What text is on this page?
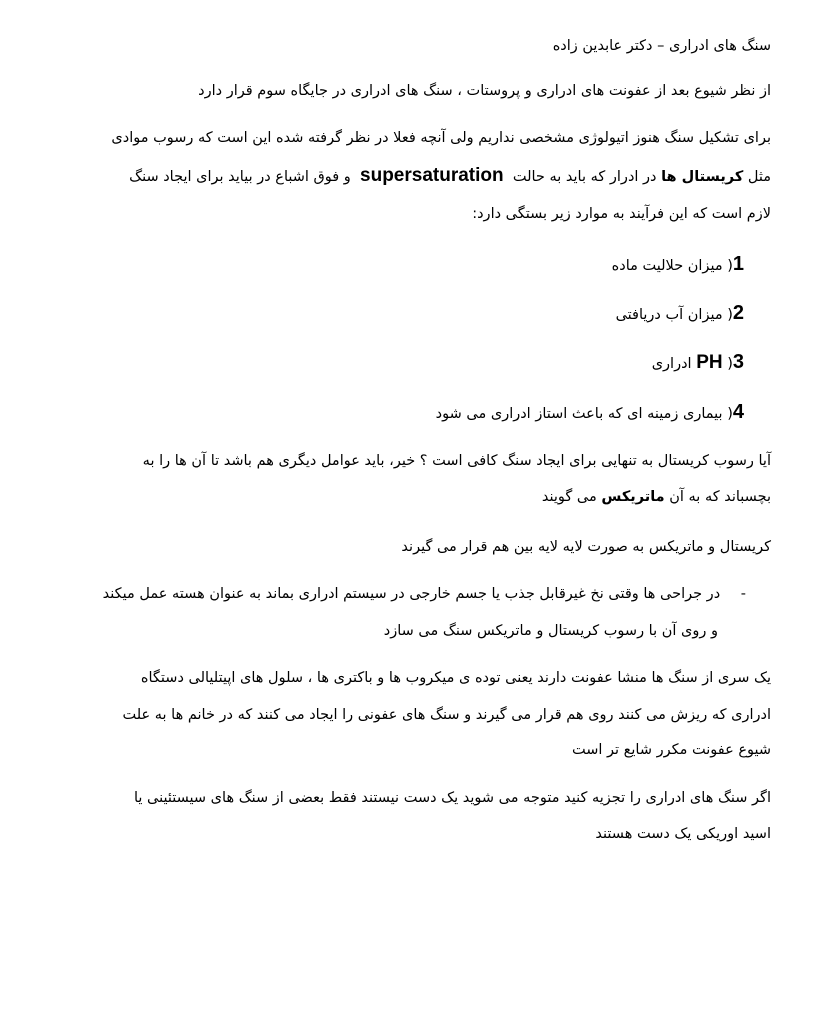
سنگ های ادراری – دکتر عابدین زاده
از نظر شیوع بعد از عفونت های ادراری و پروستات ، سنگ های ادراری در جایگاه سوم قرار دارد
برای تشکیل سنگ هنوز اتیولوژی مشخصی نداریم ولی آنچه فعلا در نظر گرفته شده این است که رسوب موادی
مثل کریستال ها در ادرار که باید به حالت  supersaturation  و فوق اشباع در بیاید برای ایجاد سنگ
لازم است که این فرآیند به موارد زیر بستگی دارد:
1( میزان حلالیت ماده
2( میزان آب دریافتی
3( PH ادراری
4( بیماری زمینه ای که باعث استاز ادراری می شود
آیا رسوب کریستال به تنهایی برای ایجاد سنگ کافی است ؟ خیر، باید عوامل دیگری هم باشد تا آن ها را به
بچسباند که به آن ماتریکس می گویند
کریستال و ماتریکس به صورت لایه لایه بین هم قرار می گیرند
- در جراحی ها وقتی نخ غیرقابل جذب یا جسم خارجی در سیستم ادراری بماند به عنوان هسته عمل میکند
و روی آن با رسوب کریستال و ماتریکس سنگ می سازد
یک سری از سنگ ها منشا عفونت دارند یعنی توده ی میکروب ها و باکتری ها ، سلول های اپیتلیالی دستگاه
ادراری که ریزش می کنند روی هم قرار می گیرند و سنگ های عفونی را ایجاد می کنند که در خانم ها به علت
شیوع عفونت مکرر شایع تر است
اگر سنگ های ادراری را تجزیه کنید متوجه می شوید یک دست نیستند فقط بعضی از سنگ های سیستئینی یا
اسید اوریکی یک دست هستند
